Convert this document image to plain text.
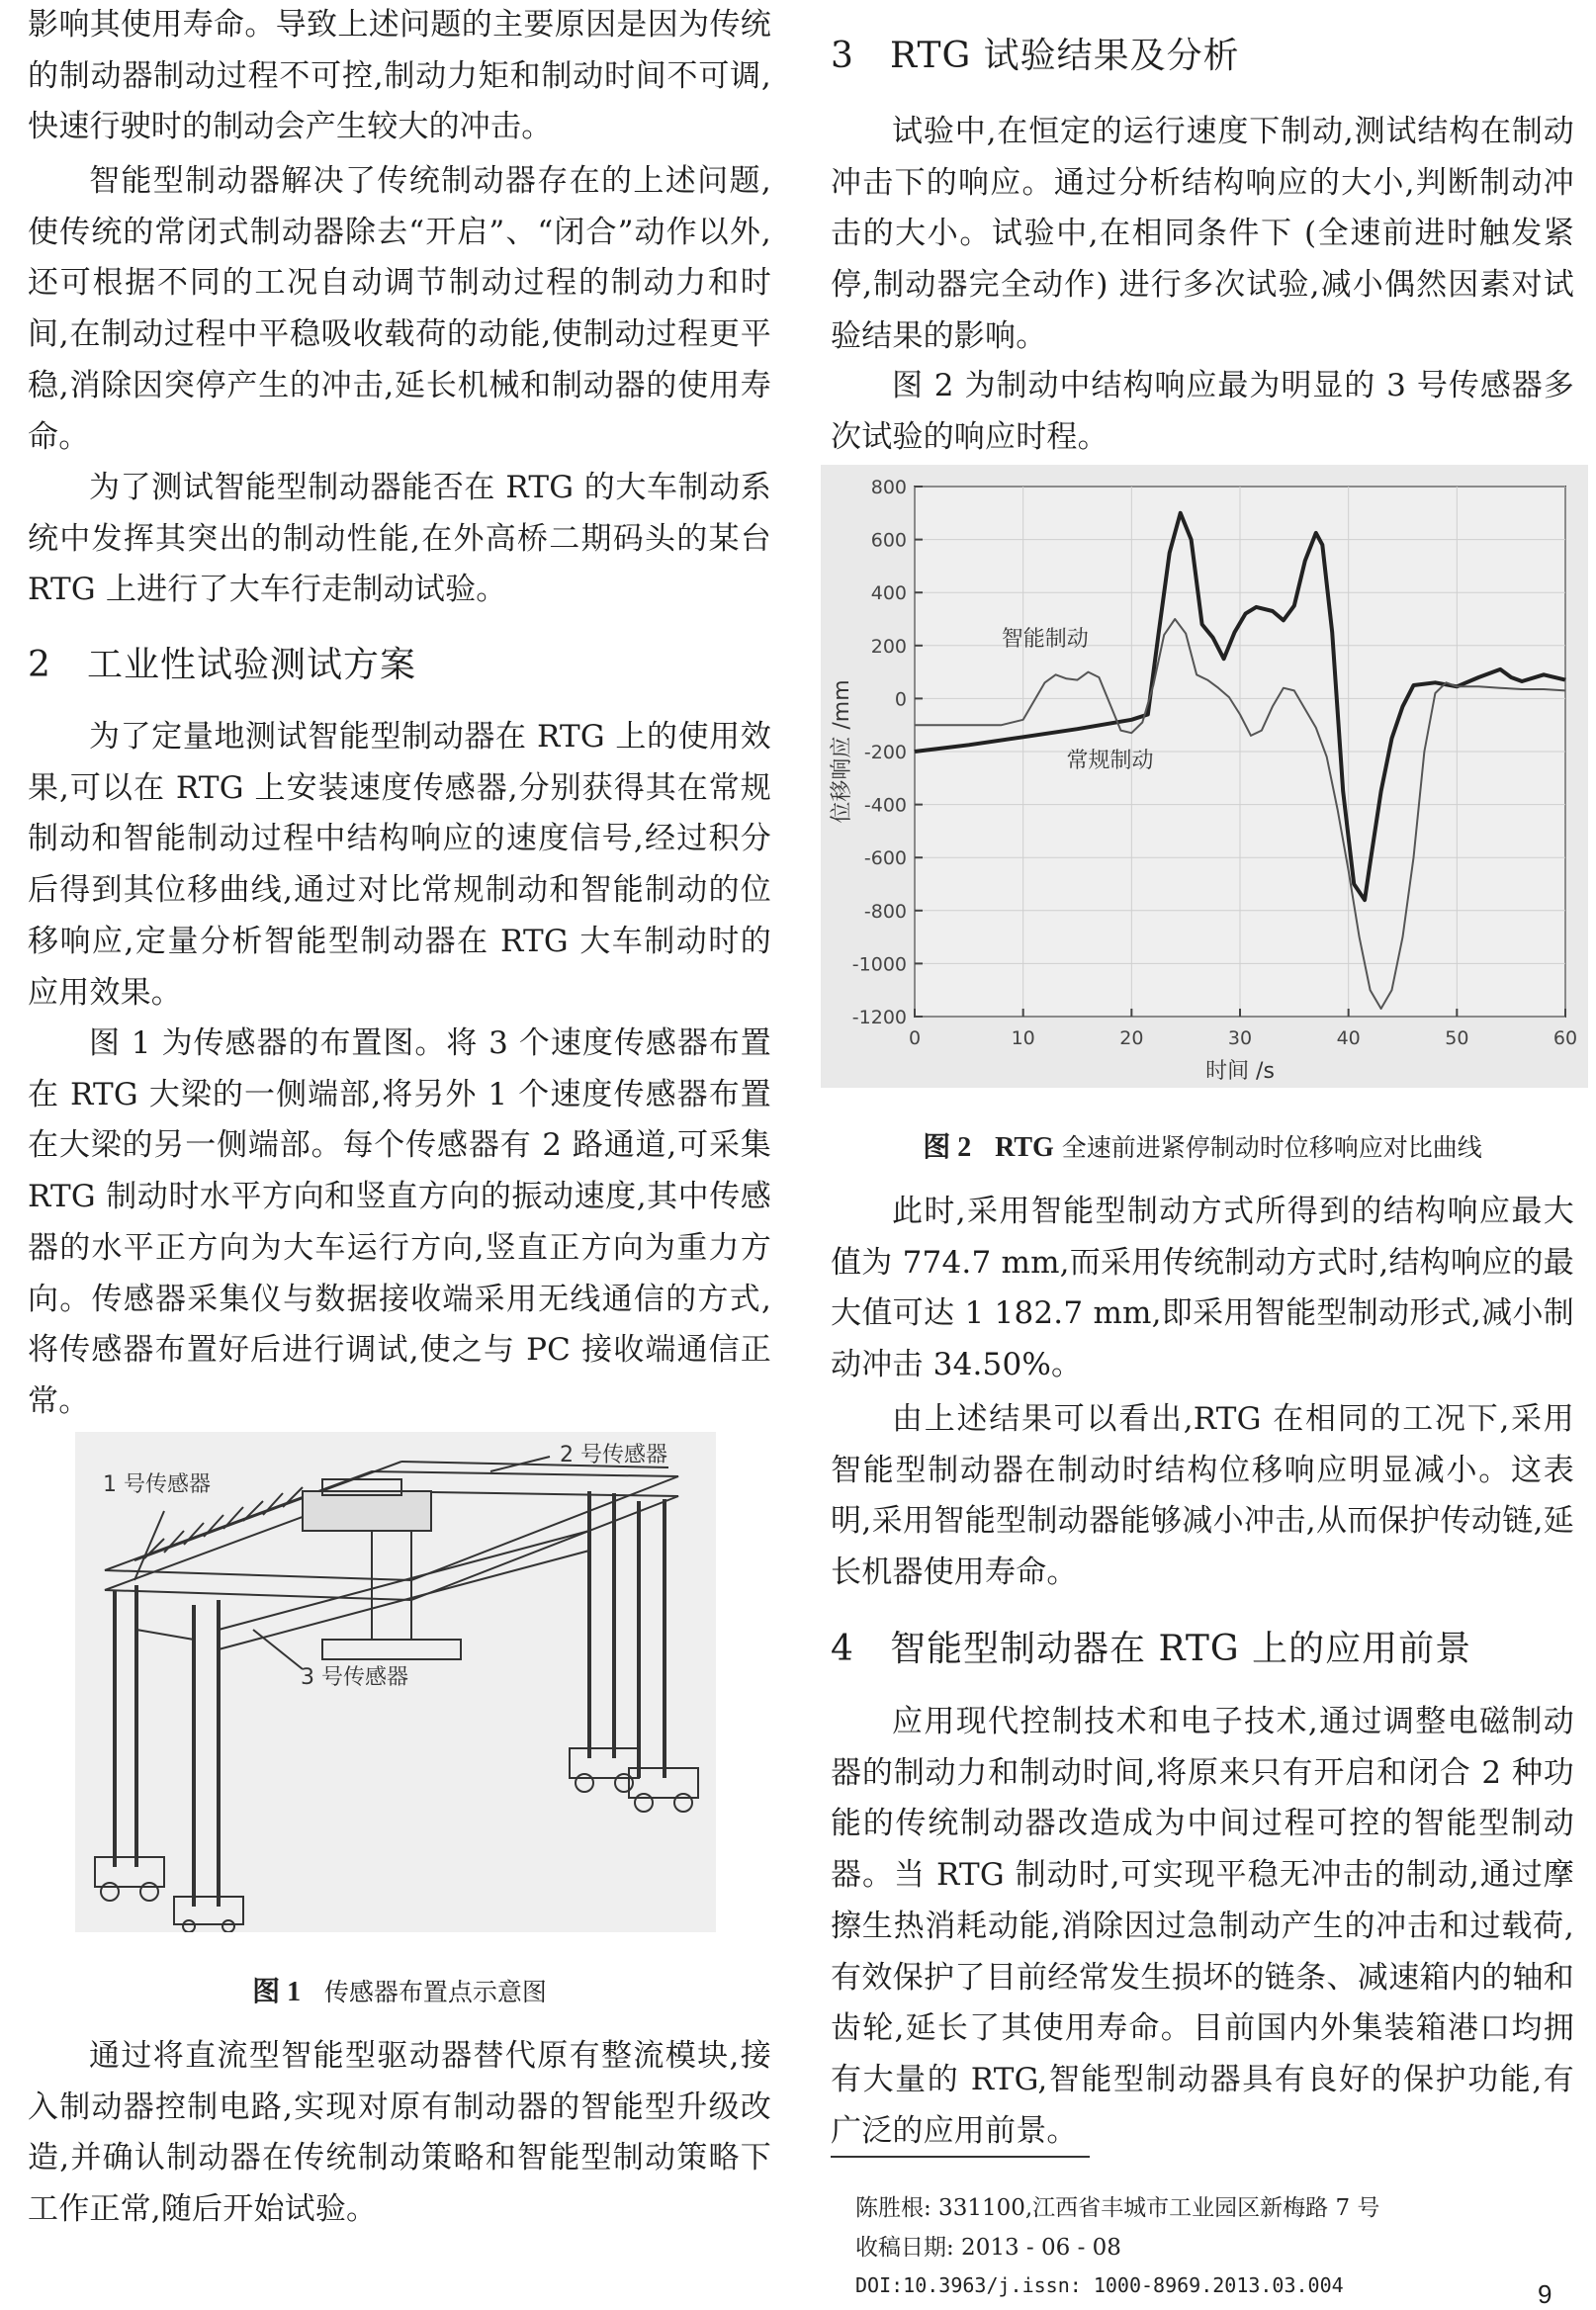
影响其使用寿命。导致上述问题的主要原因是因为传统的制动器制动过程不可控,制动力矩和制动时间不可调,快速行驶时的制动会产生较大的冲击。

智能型制动器解决了传统制动器存在的上述问题,使传统的常闭式制动器除去“开启”、“闭合”动作以外,还可根据不同的工况自动调节制动过程的制动力和时间,在制动过程中平稳吸收载荷的动能,使制动过程更平稳,消除因突停产生的冲击,延长机械和制动器的使用寿命。

为了测试智能型制动器能否在 RTG 的大车制动系统中发挥其突出的制动性能,在外高桥二期码头的某台 RTG 上进行了大车行走制动试验。

2 工业性试验测试方案

为了定量地测试智能型制动器在 RTG 上的使用效果,可以在 RTG 上安装速度传感器,分别获得其在常规制动和智能制动过程中结构响应的速度信号,经过积分后得到其位移曲线,通过对比常规制动和智能制动的位移响应,定量分析智能型制动器在 RTG 大车制动时的应用效果。

图 1 为传感器的布置图。将 3 个速度传感器布置在 RTG 大梁的一侧端部,将另外 1 个速度传感器布置在大梁的另一侧端部。每个传感器有 2 路通道,可采集 RTG 制动时水平方向和竖直方向的振动速度,其中传感器的水平正方向为大车运行方向,竖直正方向为重力方向。传感器采集仪与数据接收端采用无线通信的方式,将传感器布置好后进行调试,使之与 PC 接收端通信正常。

1 号传感器
2 号传感器
3 号传感器
图 1 传感器布置点示意图

通过将直流型智能型驱动器替代原有整流模块,接入制动器控制电路,实现对原有制动器的智能型升级改造,并确认制动器在传统制动策略和智能型制动策略下工作正常,随后开始试验。

3 RTG 试验结果及分析

试验中,在恒定的运行速度下制动,测试结构在制动冲击下的响应。通过分析结构响应的大小,判断制动冲击的大小。试验中,在相同条件下 (全速前进时触发紧停,制动器完全动作) 进行多次试验,减小偶然因素对试验结果的影响。

图 2 为制动中结构响应最为明显的 3 号传感器多次试验的响应时程。

800
600
400
200
0
-200
-400
-600
-800
-1000
-1200
0	10	20	30	40	50	60
智能制动
常规制动
时间 /s
位移响应 /mm
图 2 RTG 全速前进紧停制动时位移响应对比曲线

此时,采用智能型制动方式所得到的结构响应最大值为 774.7 mm,而采用传统制动方式时,结构响应的最大值可达 1 182.7 mm,即采用智能型制动形式,减小制动冲击 34.50%。

由上述结果可以看出,RTG 在相同的工况下,采用智能型制动器在制动时结构位移响应明显减小。这表明,采用智能型制动器能够减小冲击,从而保护传动链,延长机器使用寿命。

4 智能型制动器在 RTG 上的应用前景

应用现代控制技术和电子技术,通过调整电磁制动器的制动力和制动时间,将原来只有开启和闭合 2 种功能的传统制动器改造成为中间过程可控的智能型制动器。当 RTG 制动时,可实现平稳无冲击的制动,通过摩擦生热消耗动能,消除因过急制动产生的冲击和过载荷,有效保护了目前经常发生损坏的链条、减速箱内的轴和齿轮,延长了其使用寿命。目前国内外集装箱港口均拥有大量的 RTG,智能型制动器具有良好的保护功能,有广泛的应用前景。

陈胜根: 331100,江西省丰城市工业园区新梅路 7 号
收稿日期: 2013 - 06 - 08
DOI:10.3963/j.issn: 1000-8969.2013.03.004	9
